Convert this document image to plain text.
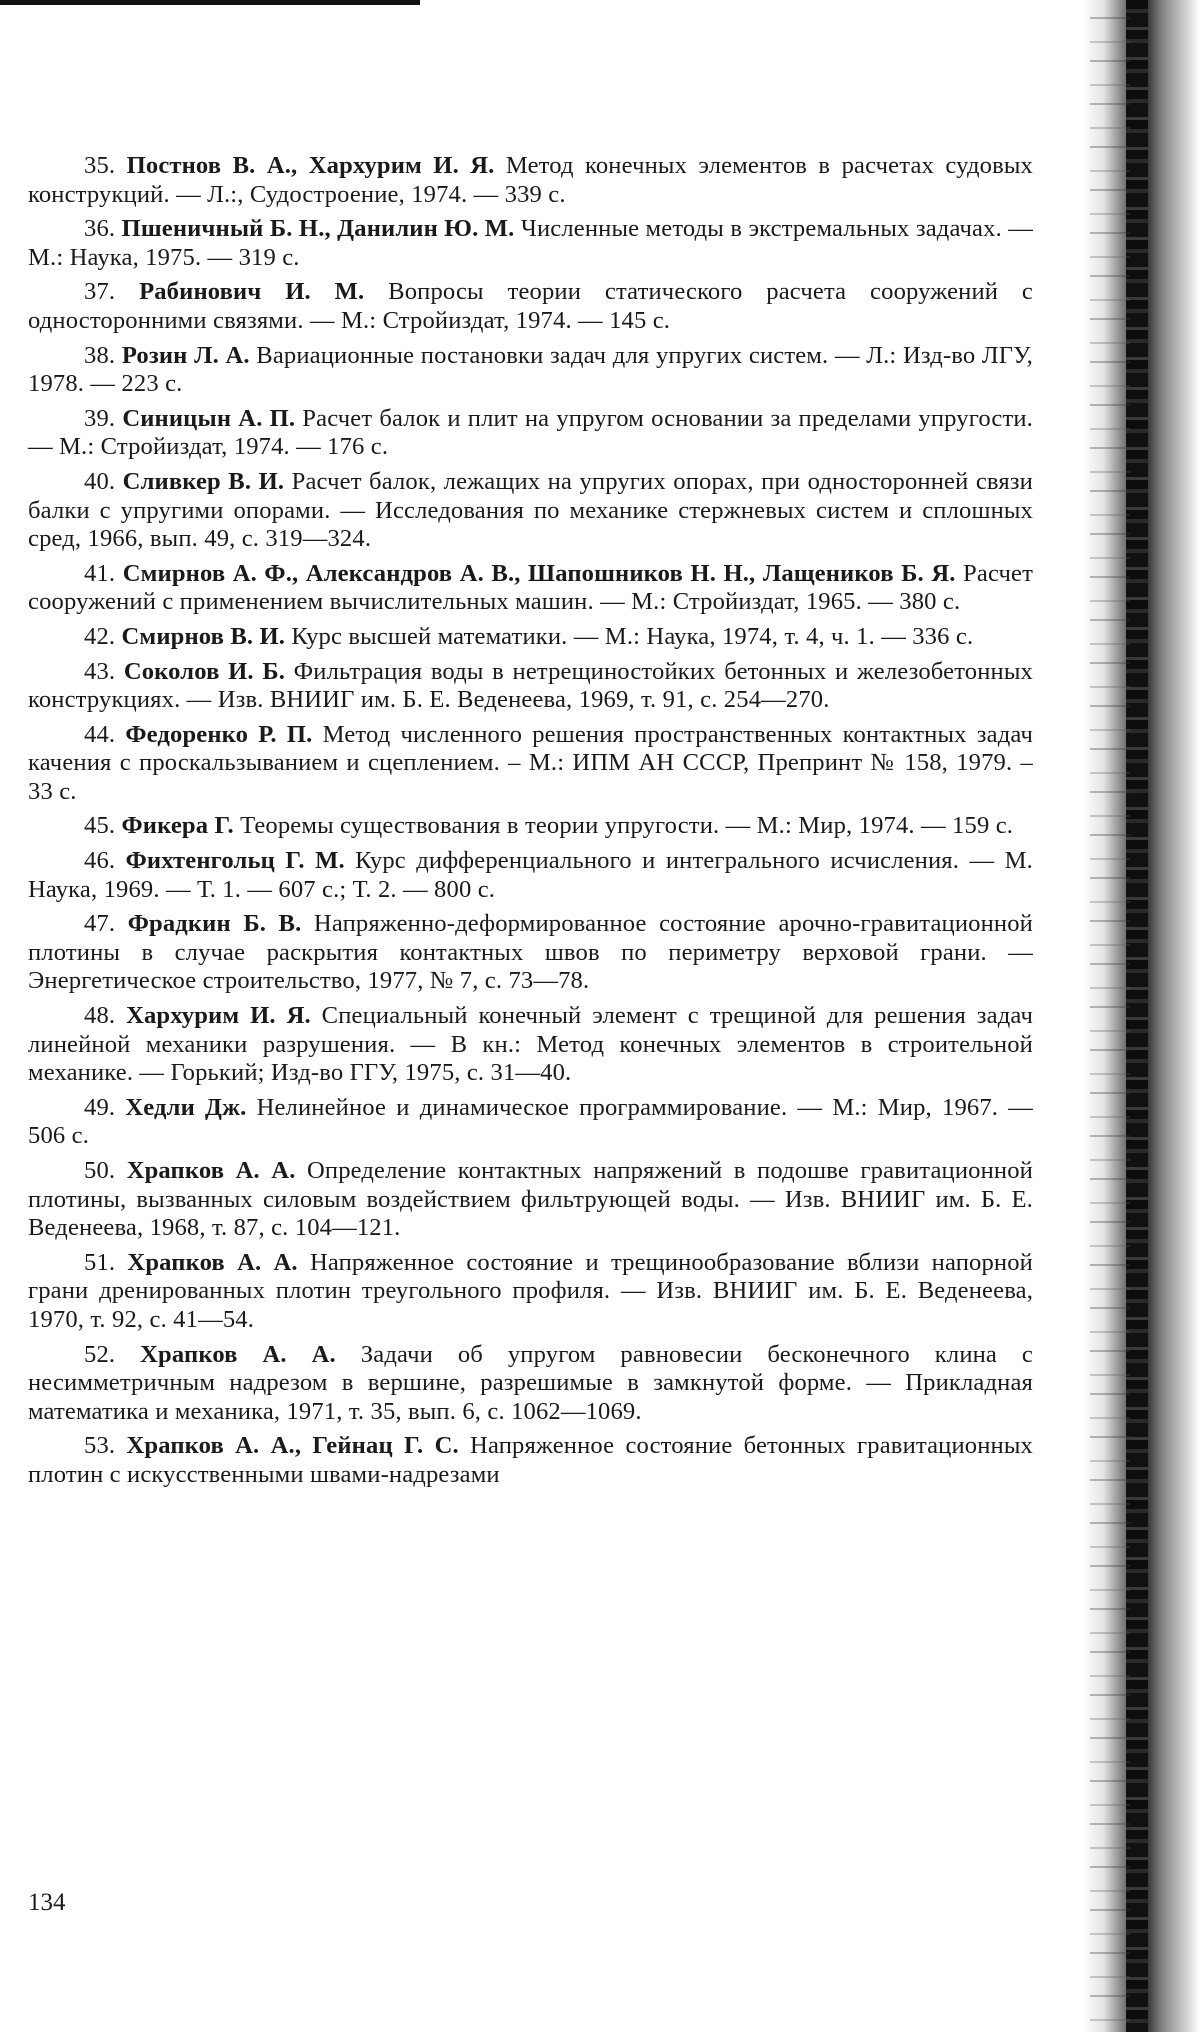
35. Постнов В. А., Хархурим И. Я. Метод конечных элементов в расчетах судовых конструкций. — Л.:, Судостроение, 1974. — 339 с.

36. Пшеничный Б. Н., Данилин Ю. М. Численные методы в экстремальных задачах. — М.: Наука, 1975. — 319 с.

37. Рабинович И. М. Вопросы теории статического расчета сооружений с односторонними связями. — М.: Стройиздат, 1974. — 145 с.

38. Розин Л. А. Вариационные постановки задач для упругих систем. — Л.: Изд-во ЛГУ, 1978. — 223 с.

39. Синицын А. П. Расчет балок и плит на упругом основании за пределами упругости. — М.: Стройиздат, 1974. — 176 с.

40. Сливкер В. И. Расчет балок, лежащих на упругих опорах, при односторонней связи балки с упругими опорами. — Исследования по механике стержневых систем и сплошных сред, 1966, вып. 49, с. 319—324.

41. Смирнов А. Ф., Александров А. В., Шапошников Н. Н., Лащеников Б. Я. Расчет сооружений с применением вычислительных машин. — М.: Стройиздат, 1965. — 380 с.

42. Смирнов В. И. Курс высшей математики. — М.: Наука, 1974, т. 4, ч. 1. — 336 с.

43. Соколов И. Б. Фильтрация воды в нетрещиностойких бетонных и железобетонных конструкциях. — Изв. ВНИИГ им. Б. Е. Веденеева, 1969, т. 91, с. 254—270.

44. Федоренко Р. П. Метод численного решения пространственных контактных задач качения с проскальзыванием и сцеплением. – М.: ИПМ АН СССР, Препринт № 158, 1979. – 33 с.

45. Фикера Г. Теоремы существования в теории упругости. — М.: Мир, 1974. — 159 с.

46. Фихтенгольц Г. М. Курс дифференциального и интегрального исчисления. — М. Наука, 1969. — Т. 1. — 607 с.; Т. 2. — 800 с.

47. Фрадкин Б. В. Напряженно-деформированное состояние арочно-гравитационной плотины в случае раскрытия контактных швов по периметру верховой грани. — Энергетическое строительство, 1977, № 7, с. 73—78.

48. Хархурим И. Я. Специальный конечный элемент с трещиной для решения задач линейной механики разрушения. — В кн.: Метод конечных элементов в строительной механике. — Горький; Изд-во ГГУ, 1975, с. 31—40.

49. Хедли Дж. Нелинейное и динамическое программирование. — М.: Мир, 1967. — 506 с.

50. Храпков А. А. Определение контактных напряжений в подошве гравитационной плотины, вызванных силовым воздействием фильтрующей воды. — Изв. ВНИИГ им. Б. Е. Веденеева, 1968, т. 87, с. 104—121.

51. Храпков А. А. Напряженное состояние и трещинообразование вблизи напорной грани дренированных плотин треугольного профиля. — Изв. ВНИИГ им. Б. Е. Веденеева, 1970, т. 92, с. 41—54.

52. Храпков А. А. Задачи об упругом равновесии бесконечного клина с несимметричным надрезом в вершине, разрешимые в замкнутой форме. — Прикладная математика и механика, 1971, т. 35, вып. 6, с. 1062—1069.

53. Храпков А. А., Гейнац Г. С. Напряженное состояние бетонных гравитационных плотин с искусственными швами-надрезами

134
